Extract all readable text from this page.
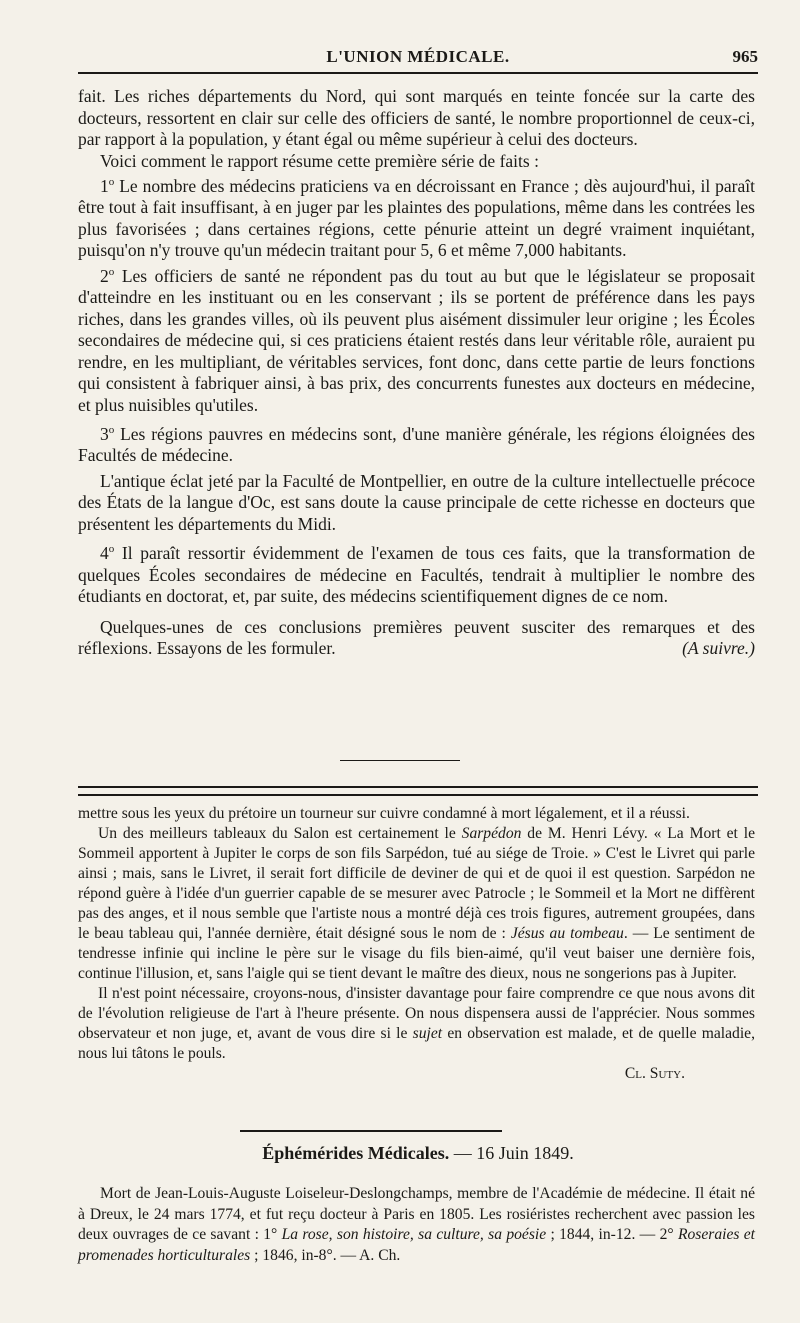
L'UNION MÉDICALE.	965

fait. Les riches départements du Nord, qui sont marqués en teinte foncée sur la carte des docteurs, ressortent en clair sur celle des officiers de santé, le nombre proportionnel de ceux-ci, par rapport à la population, y étant égal ou même supérieur à celui des docteurs.

Voici comment le rapport résume cette première série de faits :

1$^o$ Le nombre des médecins praticiens va en décroissant en France ; dès aujourd'hui, il paraît être tout à fait insuffisant, à en juger par les plaintes des populations, même dans les contrées les plus favorisées ; dans certaines régions, cette pénurie atteint un degré vraiment inquiétant, puisqu'on n'y trouve qu'un médecin traitant pour 5, 6 et même 7,000 habitants.

2$^o$ Les officiers de santé ne répondent pas du tout au but que le législateur se proposait d'atteindre en les instituant ou en les conservant ; ils se portent de préférence dans les pays riches, dans les grandes villes, où ils peuvent plus aisément dissimuler leur origine ; les Écoles secondaires de médecine qui, si ces praticiens étaient restés dans leur véritable rôle, auraient pu rendre, en les multipliant, de véritables services, font donc, dans cette partie de leurs fonctions qui consistent à fabriquer ainsi, à bas prix, des concurrents funestes aux docteurs en médecine, et plus nuisibles qu'utiles.

3$^o$ Les régions pauvres en médecins sont, d'une manière générale, les régions éloignées des Facultés de médecine.

L'antique éclat jeté par la Faculté de Montpellier, en outre de la culture intellectuelle précoce des États de la langue d'Oc, est sans doute la cause principale de cette richesse en docteurs que présentent les départements du Midi.

4$^o$ Il paraît ressortir évidemment de l'examen de tous ces faits, que la transformation de quelques Écoles secondaires de médecine en Facultés, tendrait à multiplier le nombre des étudiants en doctorat, et, par suite, des médecins scientifiquement dignes de ce nom.

Quelques-unes de ces conclusions premières peuvent susciter des remarques et des réflexions. Essayons de les formuler.	(A suivre.)

mettre sous les yeux du prétoire un tourneur sur cuivre condamné à mort légalement, et il a réussi.

Un des meilleurs tableaux du Salon est certainement le Sarpédon de M. Henri Lévy. « La Mort et le Sommeil apportent à Jupiter le corps de son fils Sarpédon, tué au siége de Troie. » C'est le Livret qui parle ainsi ; mais, sans le Livret, il serait fort difficile de deviner de qui et de quoi il est question. Sarpédon ne répond guère à l'idée d'un guerrier capable de se mesurer avec Patrocle ; le Sommeil et la Mort ne diffèrent pas des anges, et il nous semble que l'artiste nous a montré déjà ces trois figures, autrement groupées, dans le beau tableau qui, l'année dernière, était désigné sous le nom de : Jésus au tombeau. — Le sentiment de tendresse infinie qui incline le père sur le visage du fils bien-aimé, qu'il veut baiser une dernière fois, continue l'illusion, et, sans l'aigle qui se tient devant le maître des dieux, nous ne songerions pas à Jupiter.

Il n'est point nécessaire, croyons-nous, d'insister davantage pour faire comprendre ce que nous avons dit de l'évolution religieuse de l'art à l'heure présente. On nous dispensera aussi de l'apprécier. Nous sommes observateur et non juge, et, avant de vous dire si le sujet en observation est malade, et de quelle maladie, nous lui tâtons le pouls.

Cl. Suty.
Éphémérides Médicales. — 16 Juin 1849.

Mort de Jean-Louis-Auguste Loiseleur-Deslongchamps, membre de l'Académie de médecine. Il était né à Dreux, le 24 mars 1774, et fut reçu docteur à Paris en 1805. Les rosiéristes recherchent avec passion les deux ouvrages de ce savant : 1° La rose, son histoire, sa culture, sa poésie ; 1844, in-12. — 2° Roseraies et promenades horticulturales ; 1846, in-8°. — A. Ch.
